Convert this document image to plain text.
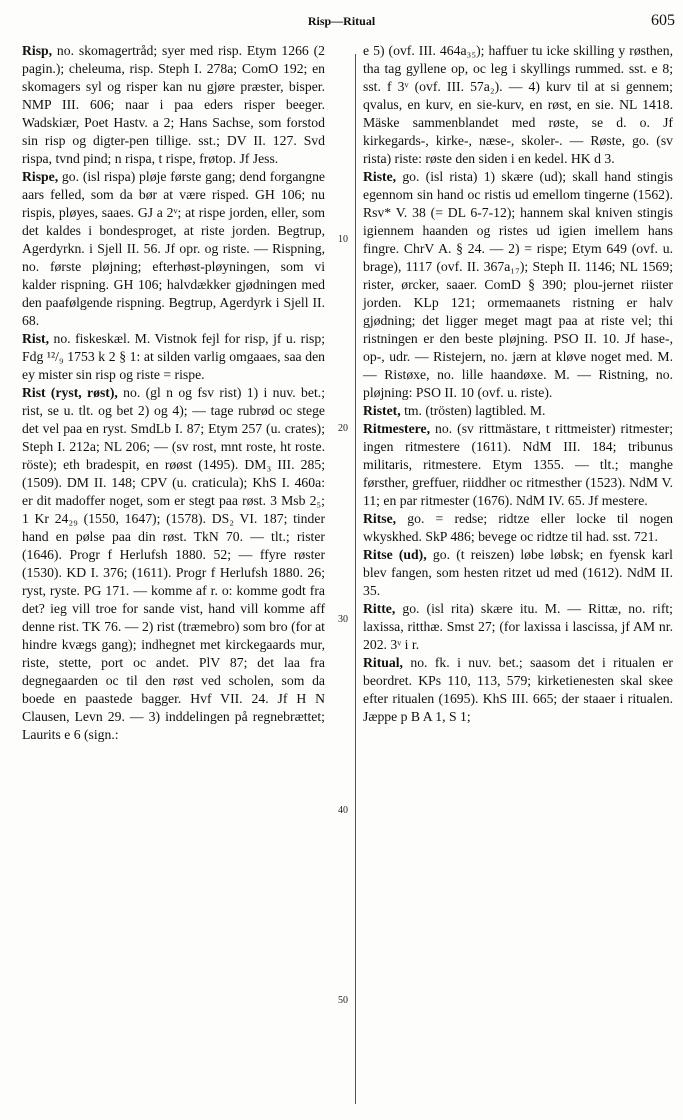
Risp—Ritual	605
10
20
30
40
50

Risp, no. skomagertråd; syer med risp. Etym 1266 (2 pagin.); cheleuma, risp. Steph I. 278a; ComO 192; en skomagers syl og risper kan nu gjøre præster, bisper. NMP III. 606; naar i paa eders risper beeger. Wadskiær, Poet Hastv. a 2; Hans Sachse, som forstod sin risp og digter-pen tillige. sst.; DV II. 127. Svd rispa, tvnd pind; n rispa, t rispe, frøtop. Jf Jess.

Rispe, go. (isl rispa) pløje første gang; dend forgangne aars felled, som da bør at være risped. GH 106; nu rispis, pløyes, saaes. GJ a 2ᵛ; at rispe jorden, eller, som det kaldes i bondesproget, at riste jorden. Begtrup, Agerdyrkn. i Sjell II. 56. Jf opr. og riste. — Rispning, no. første pløjning; efterhøst-pløyningen, som vi kalder rispning. GH 106; halvdækker gjødningen med den paafølgende rispning. Begtrup, Agerdyrk i Sjell II. 68.

Rist, no. fiskeskæl. M. Vistnok fejl for risp, jf u. risp; Fdg ¹²/₉ 1753 k 2 § 1: at silden varlig omgaaes, saa den ey mister sin risp og riste = rispe.

Rist (ryst, røst), no. (gl n og fsv rist) 1) i nuv. bet.; rist, se u. tlt. og bet 2) og 4); — tage rubrød oc stege det vel paa en ryst. SmdLb I. 87; Etym 257 (u. crates); Steph I. 212a; NL 206; — (sv rost, mnt roste, ht roste. röste); eth bradespit, en røøst (1495). DM₃ III. 285; (1509). DM II. 148; CPV (u. craticula); KhS I. 460a: er dit madoffer noget, som er stegt paa røst. 3 Msb 2₅; 1 Kr 24₂₉ (1550, 1647); (1578). DS₂ VI. 187; tinder hand en pølse paa din røst. TkN 70. — tlt.; rister (1646). Progr f Herlufsh 1880. 52; — ffyre røster (1530). KD I. 376; (1611). Progr f Herlufsh 1880. 26; ryst, ryste. PG 171. — komme af r. o: komme godt fra det? ieg vill troe for sande vist, hand vill komme aff denne rist. TK 76. — 2) rist (træmebro) som bro (for at hindre kvægs gang); indhegnet met kirckegaards mur, riste, stette, port oc andet. PlV 87; det laa fra degnegaarden oc til den røst ved scholen, som da boede en paastede bagger. Hvf VII. 24. Jf H N Clausen, Levn 29. — 3) inddelingen på regnebrættet; Laurits e 6 (sign.:

e 5) (ovf. III. 464a₃₅); haffuer tu icke skilling y røsthen, tha tag gyllene op, oc leg i skyllings rummed. sst. e 8; sst. f 3ᵛ (ovf. III. 57a₂). — 4) kurv til at si gennem; qvalus, en kurv, en sie-kurv, en røst, en sie. NL 1418. Mäske sammenblandet med røste, se d. o. Jf kirkegards-, kirke-, næse-, skoler-. — Røste, go. (sv rista) riste: røste den siden i en kedel. HK d 3.

Riste, go. (isl rista) 1) skære (ud); skall hand stingis egennom sin hand oc ristis ud emellom tingerne (1562). Rsv* V. 38 (= DL 6-7-12); hannem skal kniven stingis igiennem haanden og ristes ud igien imellem hans fingre. ChrV A. § 24. — 2) = rispe; Etym 649 (ovf. u. brage), 1117 (ovf. II. 367a₁₇); Steph II. 1146; NL 1569; rister, ørcker, saaer. ComD § 390; plou-jernet riister jorden. KLp 121; ormemaanets ristning er halv gjødning; det ligger meget magt paa at riste vel; thi ristningen er den beste pløjning. PSO II. 10. Jf hase-, op-, udr. — Ristejern, no. jærn at kløve noget med. M. — Ristøxe, no. lille haandøxe. M. — Ristning, no. pløjning: PSO II. 10 (ovf. u. riste).

Ristet, tm. (trösten) lagtibled. M.

Ritmestere, no. (sv rittmästare, t rittmeister) ritmester; ingen ritmestere (1611). NdM III. 184; tribunus militaris, ritmestere. Etym 1355. — tlt.; manghe førsther, greffuer, riiddher oc ritmesther (1523). NdM V. 11; en par ritmester (1676). NdM IV. 65. Jf mestere.

Ritse, go. = redse; ridtze eller locke til nogen wkyskhed. SkP 486; bevege oc ridtze til had. sst. 721.

Ritse (ud), go. (t reiszen) løbe løbsk; en fyensk karl blev fangen, som hesten ritzet ud med (1612). NdM II. 35.

Ritte, go. (isl rita) skære itu. M. — Rittæ, no. rift; laxissa, ritthæ. Smst 27; (for laxissa i lascissa, jf AM nr. 202. 3ᵛ i r.

Ritual, no. fk. i nuv. bet.; saasom det i ritualen er beordret. KPs 110, 113, 579; kirketienesten skal skee efter ritualen (1695). KhS III. 665; der staaer i ritualen. Jæppe p B A 1, S 1;
